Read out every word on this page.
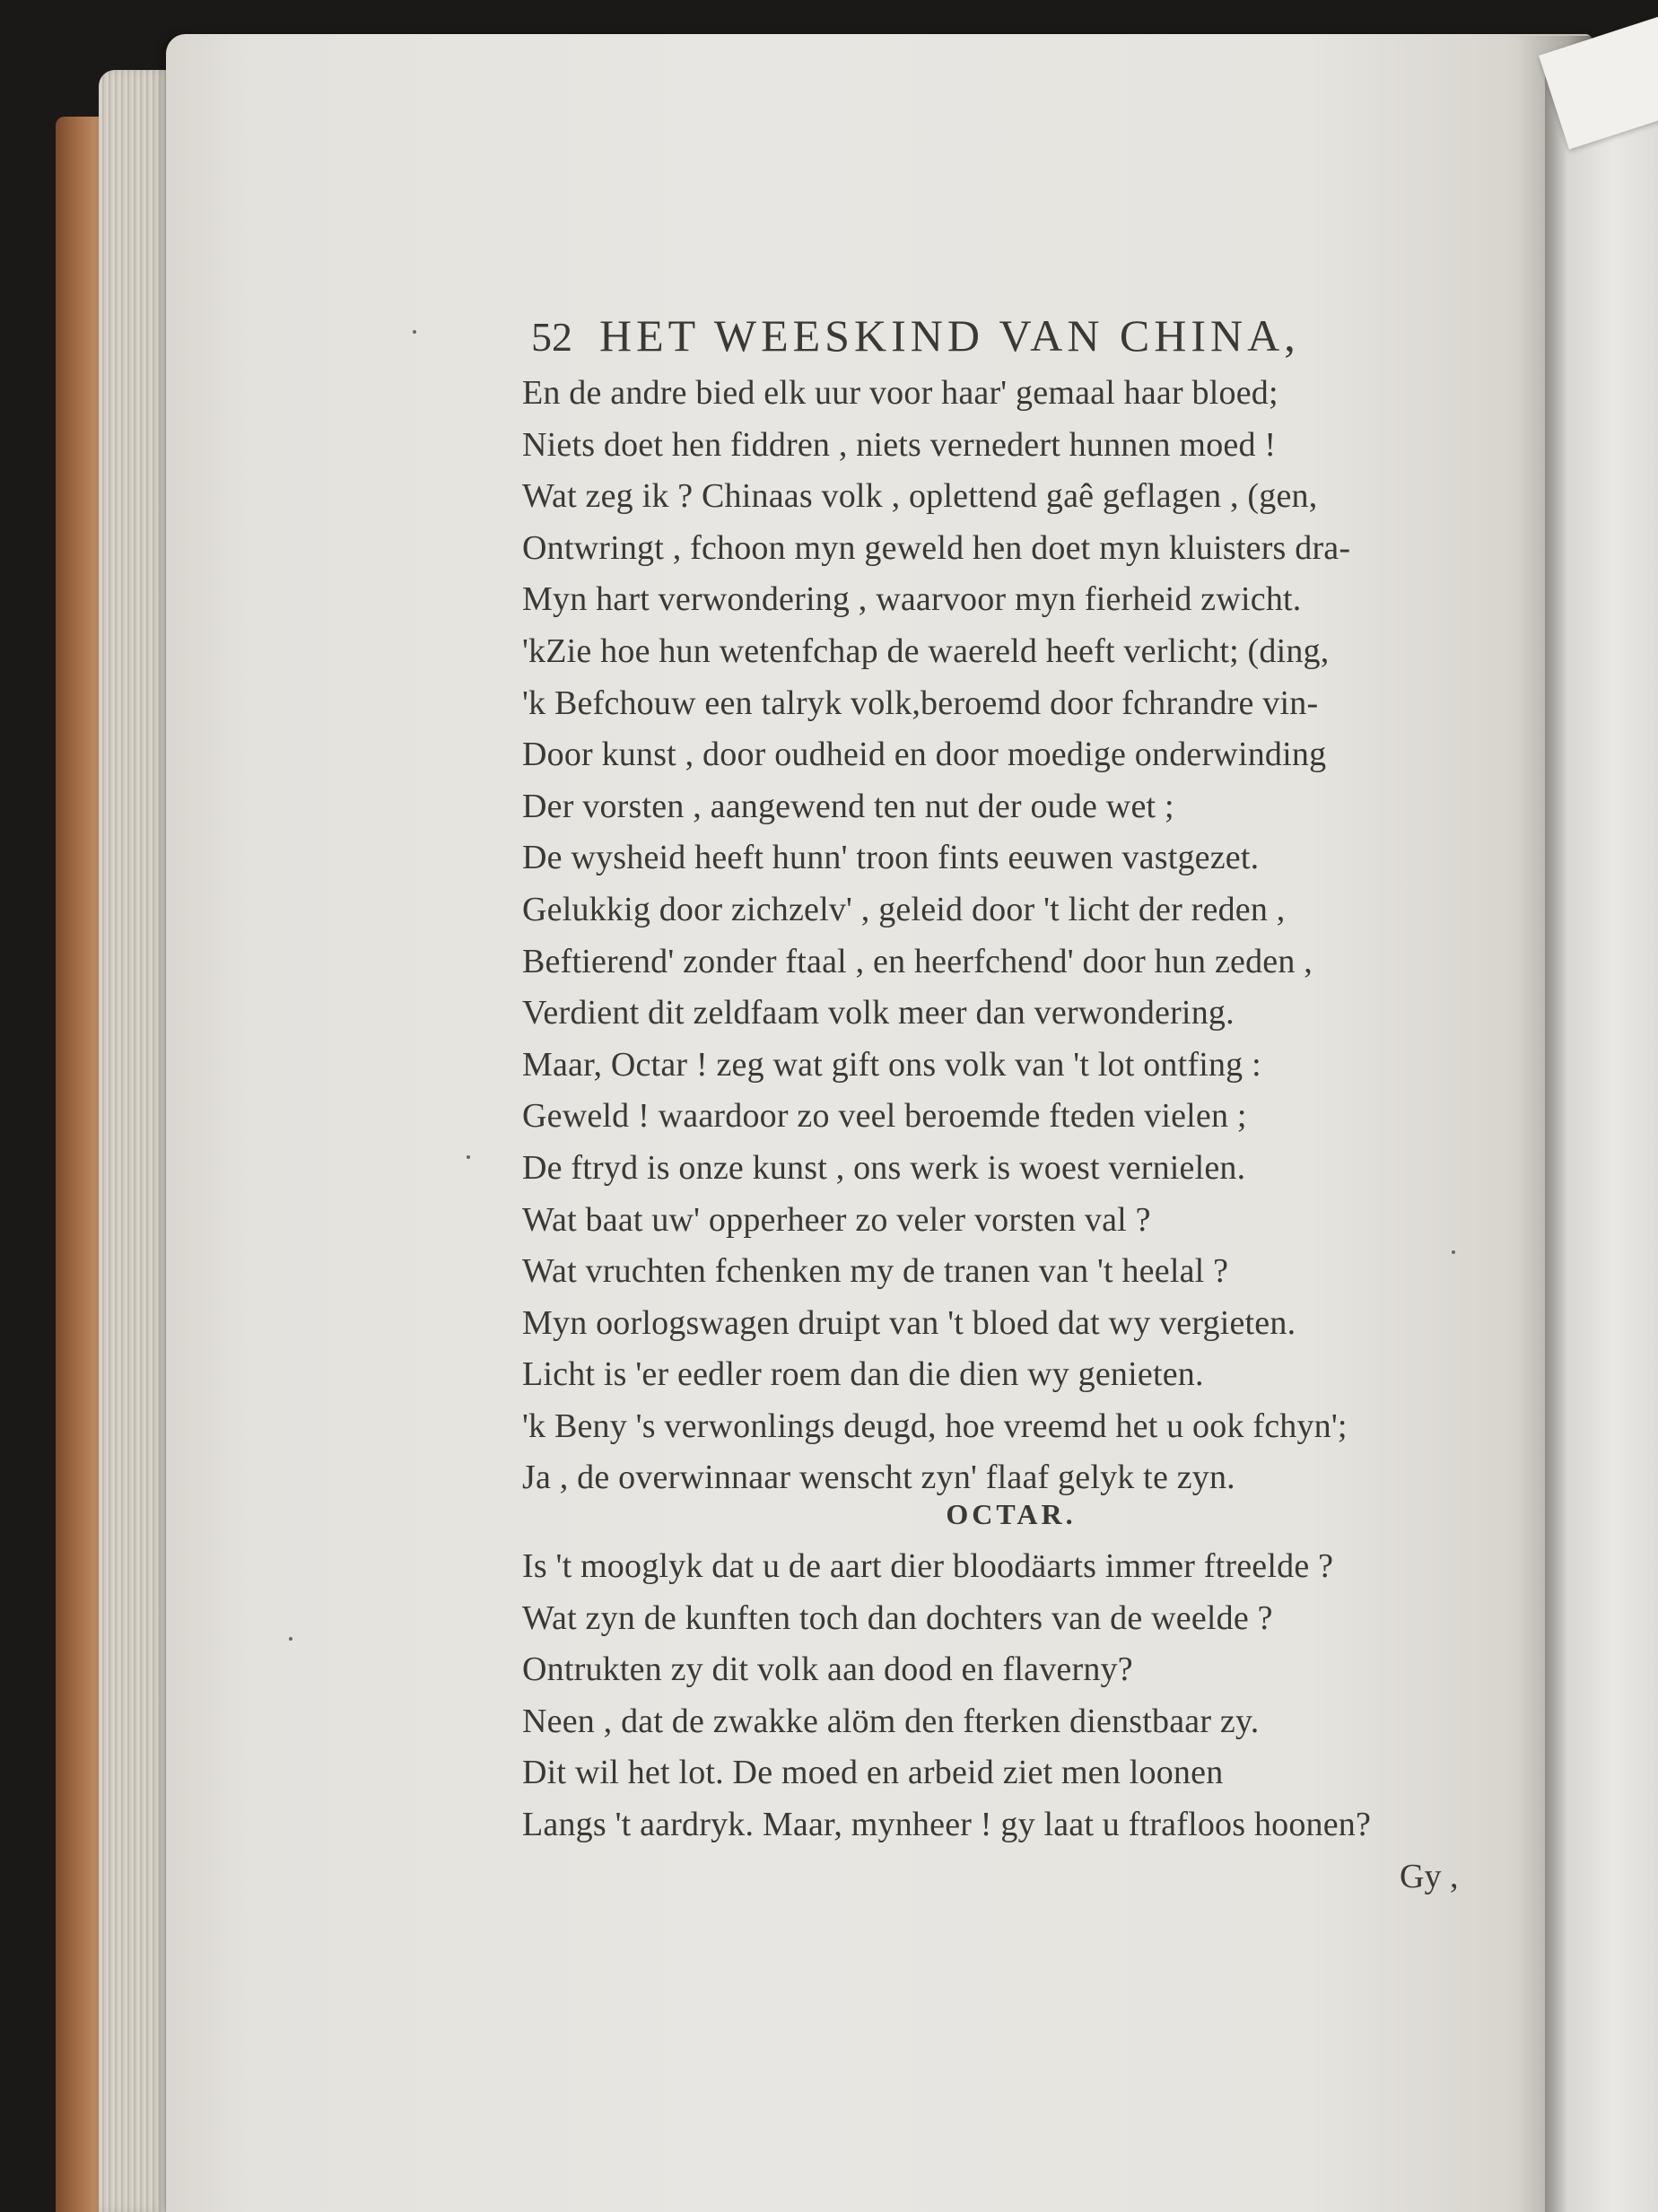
52 HET WEESKIND VAN CHINA,
En de andre bied elk uur voor haar' gemaal haar bloed;
Niets doet hen fiddren , niets vernedert hunnen moed !
Wat zeg ik ? Chinaas volk , oplettend gaê geflagen , (gen,
Ontwringt , fchoon myn geweld hen doet myn kluisters dra-
Myn hart verwondering , waarvoor myn fierheid zwicht.
'kZie hoe hun wetenfchap de waereld heeft verlicht; (ding,
'k Befchouw een talryk volk,beroemd door fchrandre vin-
Door kunst , door oudheid en door moedige onderwinding
Der vorsten , aangewend ten nut der oude wet ;
De wysheid heeft hunn' troon fints eeuwen vastgezet.
Gelukkig door zichzelv' , geleid door 't licht der reden ,
Beftierend' zonder ftaal , en heerfchend' door hun zeden ,
Verdient dit zeldfaam volk meer dan verwondering.
Maar, Octar ! zeg wat gift ons volk van 't lot ontfing :
Geweld ! waardoor zo veel beroemde fteden vielen ;
De ftryd is onze kunst , ons werk is woest vernielen.
Wat baat uw' opperheer zo veler vorsten val ?
Wat vruchten fchenken my de tranen van 't heelal ?
Myn oorlogswagen druipt van 't bloed dat wy vergieten.
Licht is 'er eedler roem dan die dien wy genieten.
'k Beny 's verwonlings deugd, hoe vreemd het u ook fchyn';
Ja , de overwinnaar wenscht zyn' flaaf gelyk te zyn.
OCTAR.
Is 't mooglyk dat u de aart dier bloodäarts immer ftreelde ?
Wat zyn de kunften toch dan dochters van de weelde ?
Ontrukten zy dit volk aan dood en flaverny?
Neen , dat de zwakke alöm den fterken dienstbaar zy.
Dit wil het lot. De moed en arbeid ziet men loonen
Langs 't aardryk. Maar, mynheer ! gy laat u ftrafloos hoonen?
Gy ,
